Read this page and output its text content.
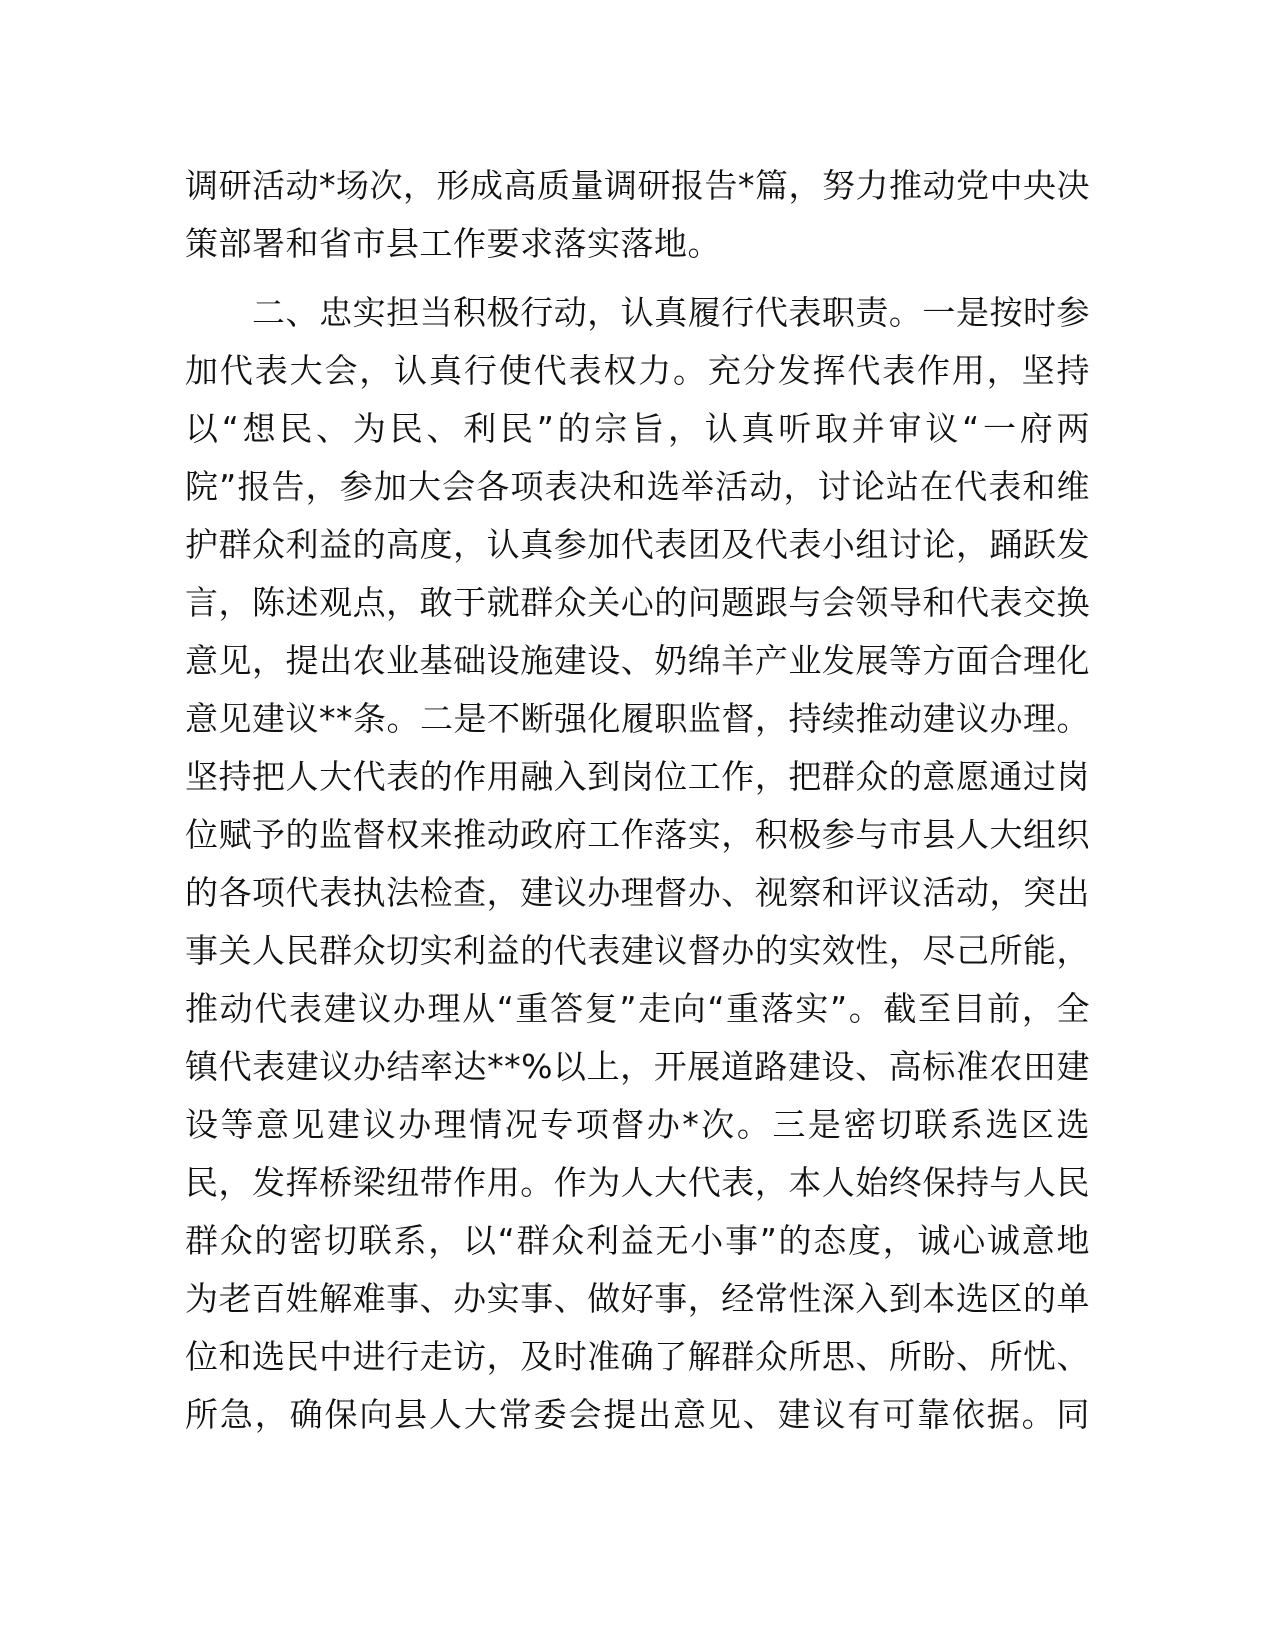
调研活动*场次，形成高质量调研报告*篇，努力推动党中央决
策部署和省市县工作要求落实落地。
　　二、忠实担当积极行动，认真履行代表职责。一是按时参
加代表大会，认真行使代表权力。充分发挥代表作用，坚持
以“想民、为民、利民”的宗旨，认真听取并审议“一府两
院”报告，参加大会各项表决和选举活动，讨论站在代表和维
护群众利益的高度，认真参加代表团及代表小组讨论，踊跃发
言，陈述观点，敢于就群众关心的问题跟与会领导和代表交换
意见，提出农业基础设施建设、奶绵羊产业发展等方面合理化
意见建议**条。二是不断强化履职监督，持续推动建议办理。
坚持把人大代表的作用融入到岗位工作，把群众的意愿通过岗
位赋予的监督权来推动政府工作落实，积极参与市县人大组织
的各项代表执法检查，建议办理督办、视察和评议活动，突出
事关人民群众切实利益的代表建议督办的实效性，尽己所能，
推动代表建议办理从“重答复”走向“重落实”。截至目前，全
镇代表建议办结率达**%以上，开展道路建设、高标准农田建
设等意见建议办理情况专项督办*次。三是密切联系选区选
民，发挥桥梁纽带作用。作为人大代表，本人始终保持与人民
群众的密切联系，以“群众利益无小事”的态度，诚心诚意地
为老百姓解难事、办实事、做好事，经常性深入到本选区的单
位和选民中进行走访，及时准确了解群众所思、所盼、所忧、
所急，确保向县人大常委会提出意见、建议有可靠依据。同
